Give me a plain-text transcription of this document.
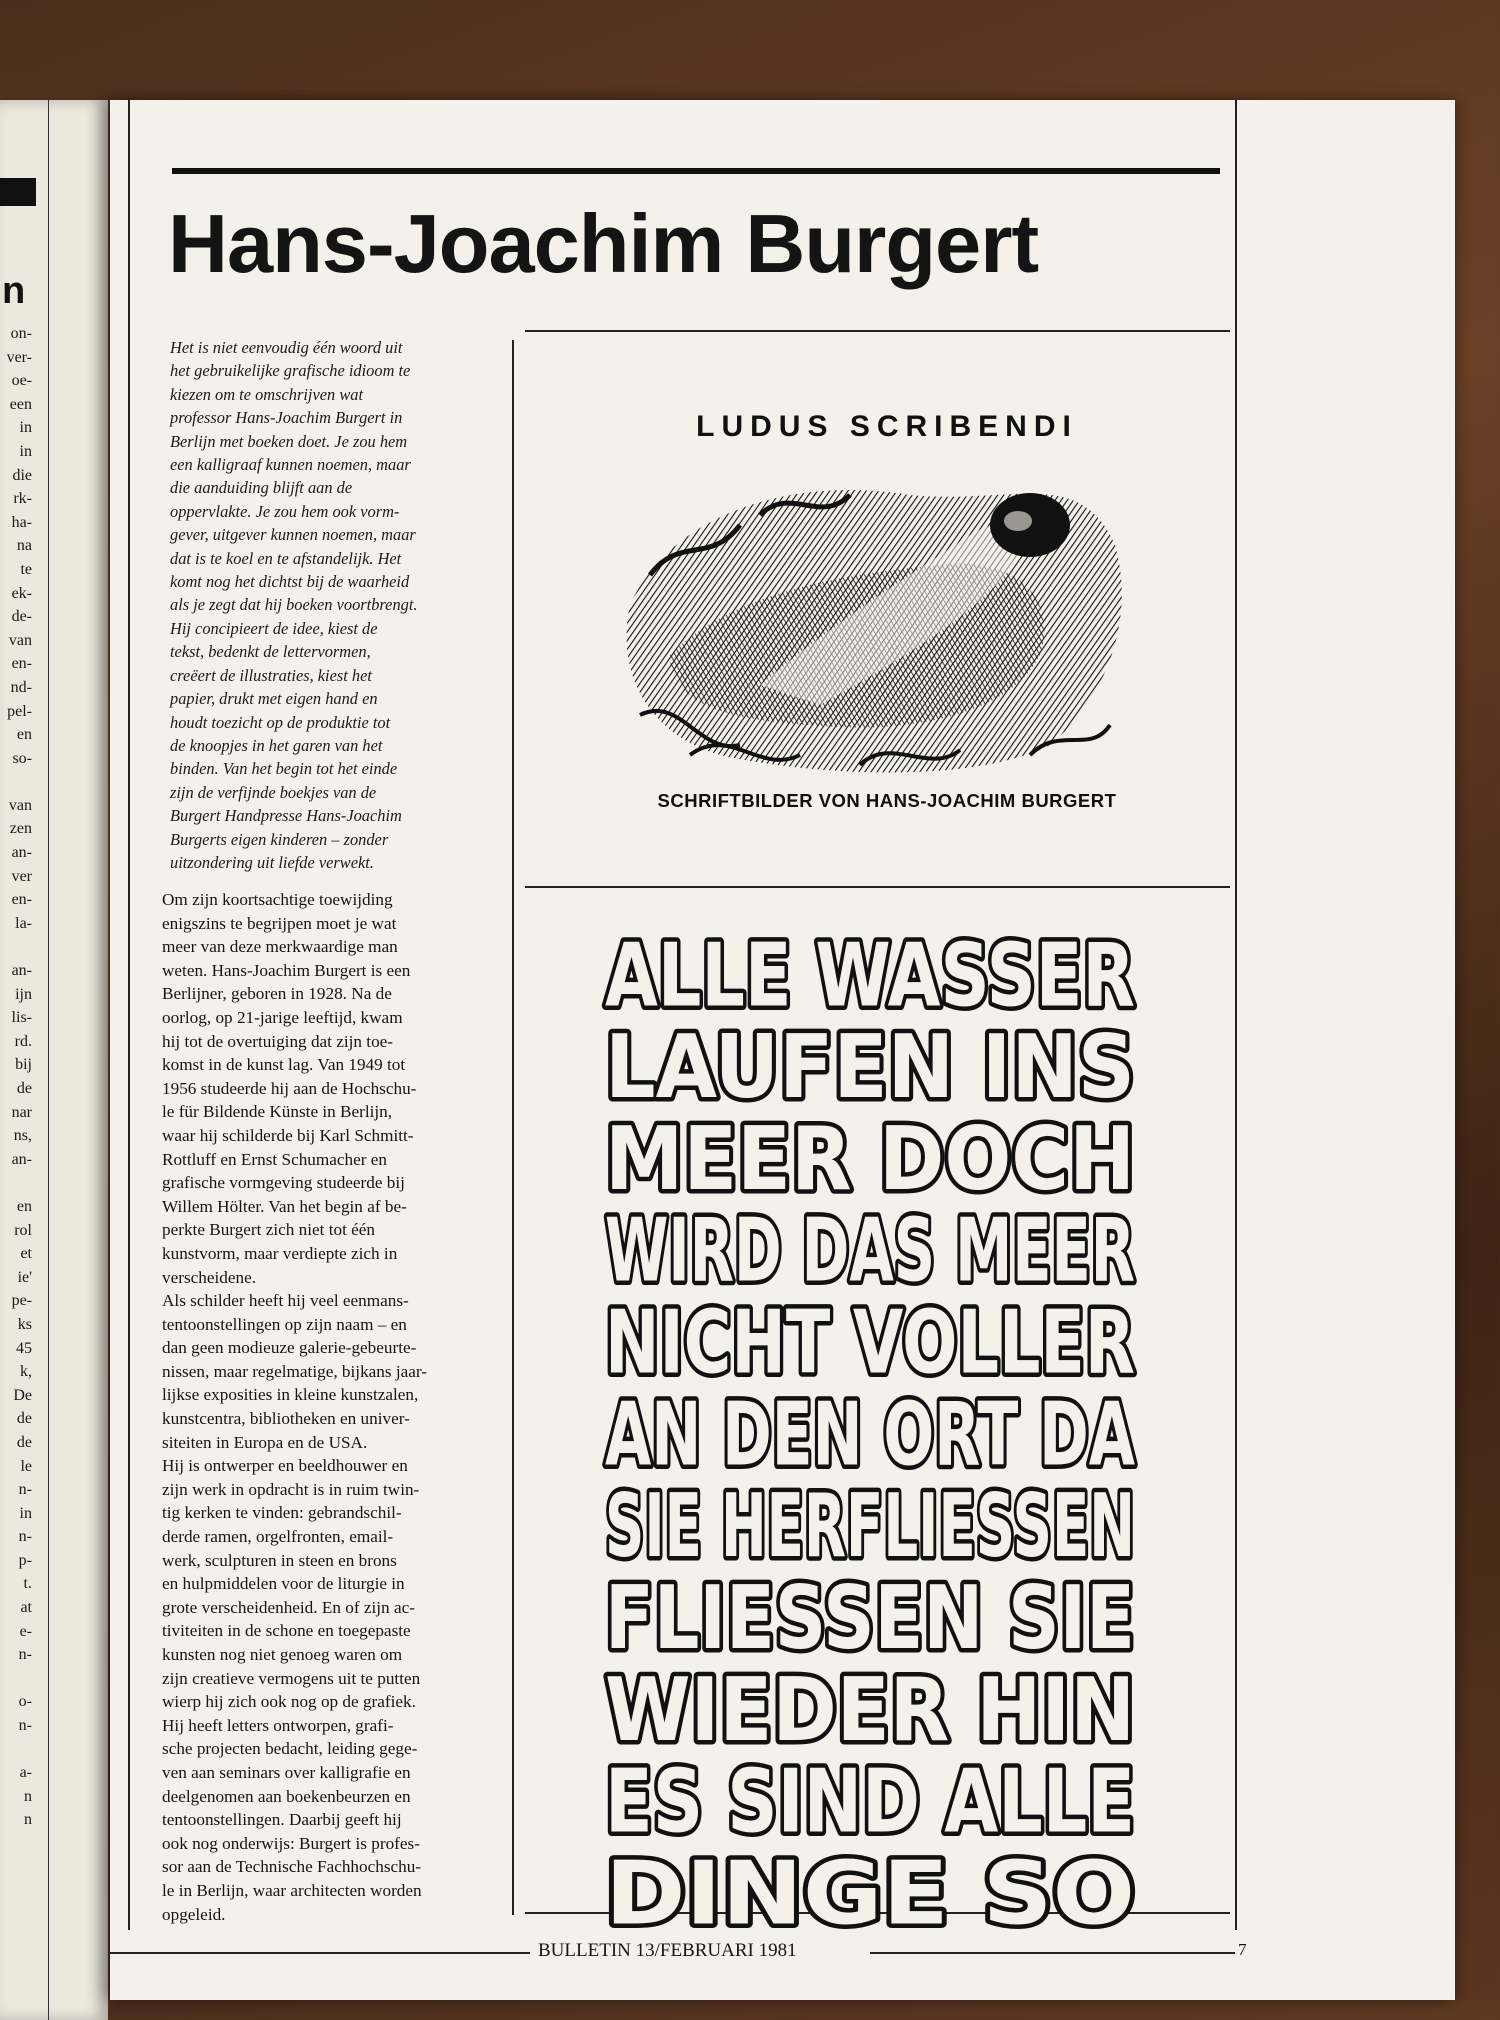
n
on-
ver-
oe-
een
in
in
die
rk-
ha-
na
te
ek-
de-
van
en-
nd-
pel-
en
so-
van
zen
an-
ver
en-
la-
an-
ijn
lis-
rd.
bij
de
nar
ns,
an-
en
rol
et
ie'
pe-
ks
45
k,
De
de
de
le
n-
in
n-
p-
t.
at
e-
n-
o-
n-
a-
n
n
Hans-Joachim Burgert
Het is niet eenvoudig één woord uit
het gebruikelijke grafische idioom te
kiezen om te omschrijven wat
professor Hans-Joachim Burgert in
Berlijn met boeken doet. Je zou hem
een kalligraaf kunnen noemen, maar
die aanduiding blijft aan de
oppervlakte. Je zou hem ook vorm-
gever, uitgever kunnen noemen, maar
dat is te koel en te afstandelijk. Het
komt nog het dichtst bij de waarheid
als je zegt dat hij boeken voortbrengt.
Hij concipieert de idee, kiest de
tekst, bedenkt de lettervormen,
creëert de illustraties, kiest het
papier, drukt met eigen hand en
houdt toezicht op de produktie tot
de knoopjes in het garen van het
binden. Van het begin tot het einde
zijn de verfijnde boekjes van de
Burgert Handpresse Hans-Joachim
Burgerts eigen kinderen – zonder
uitzondering uit liefde verwekt.
Om zijn koortsachtige toewijding
enigszins te begrijpen moet je wat
meer van deze merkwaardige man
weten. Hans-Joachim Burgert is een
Berlijner, geboren in 1928. Na de
oorlog, op 21-jarige leeftijd, kwam
hij tot de overtuiging dat zijn toe-
komst in de kunst lag. Van 1949 tot
1956 studeerde hij aan de Hochschu-
le für Bildende Künste in Berlijn,
waar hij schilderde bij Karl Schmitt-
Rottluff en Ernst Schumacher en
grafische vormgeving studeerde bij
Willem Hölter. Van het begin af be-
perkte Burgert zich niet tot één
kunstvorm, maar verdiepte zich in
verscheidene.
Als schilder heeft hij veel eenmans-
tentoonstellingen op zijn naam – en
dan geen modieuze galerie-gebeurte-
nissen, maar regelmatige, bijkans jaar-
lijkse exposities in kleine kunstzalen,
kunstcentra, bibliotheken en univer-
siteiten in Europa en de USA.
Hij is ontwerper en beeldhouwer en
zijn werk in opdracht is in ruim twin-
tig kerken te vinden: gebrandschil-
derde ramen, orgelfronten, email-
werk, sculpturen in steen en brons
en hulpmiddelen voor de liturgie in
grote verscheidenheid. En of zijn ac-
tiviteiten in de schone en toegepaste
kunsten nog niet genoeg waren om
zijn creatieve vermogens uit te putten
wierp hij zich ook nog op de grafiek.
Hij heeft letters ontworpen, grafi-
sche projecten bedacht, leiding gege-
ven aan seminars over kalligrafie en
deelgenomen aan boekenbeurzen en
tentoonstellingen. Daarbij geeft hij
ook nog onderwijs: Burgert is profes-
sor aan de Technische Fachhochschu-
le in Berlijn, waar architecten worden
opgeleid.
LUDUS SCRIBENDI
SCHRIFTBILDER VON HANS-JOACHIM BURGERT
ALLE WASSER
LAUFEN INS
MEER DOCH
WIRD DAS MEER
NICHT VOLLER
AN DEN ORT DA
SIE HERFLIESSEN
FLIESSEN SIE
WIEDER HIN
ES SIND ALLE
DINGE SO
BULLETIN 13/FEBRUARI 1981	7
